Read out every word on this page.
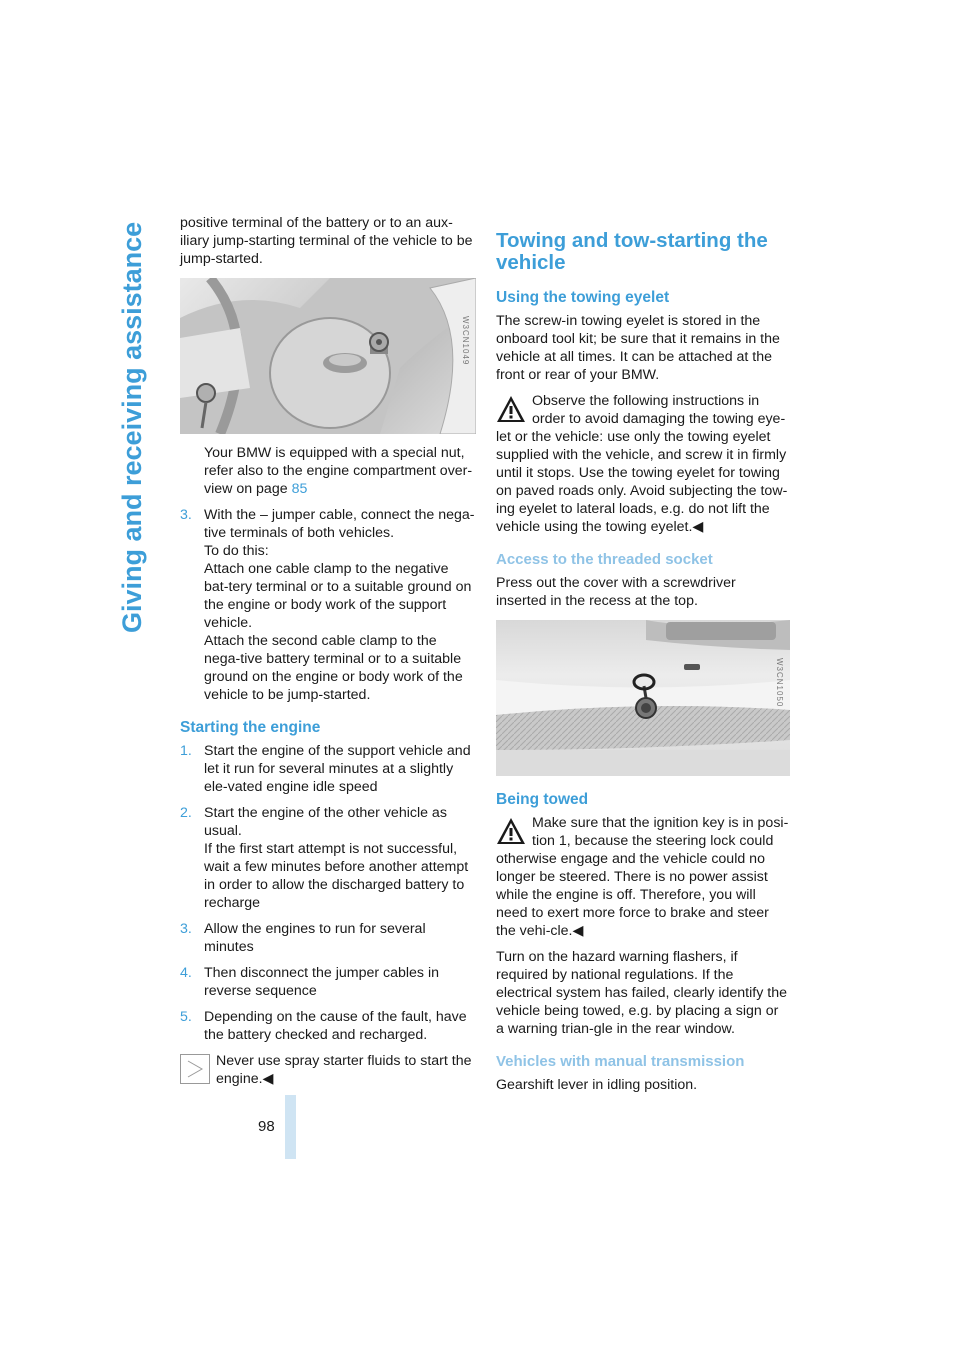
Giving and receiving assistance
98

positive terminal of the battery or to an aux-iliary jump-starting terminal of the vehicle to be jump-started.

W3CN1049

Your BMW is equipped with a special nut, refer also to the engine compartment over-view on page 85

3. With the – jumper cable, connect the nega-tive terminals of both vehicles.
To do this:
Attach one cable clamp to the negative bat-tery terminal or to a suitable ground on the engine or body work of the support vehicle.
Attach the second cable clamp to the nega-tive battery terminal or to a suitable ground on the engine or body work of the vehicle to be jump-started.
Starting the engine
1. Start the engine of the support vehicle and let it run for several minutes at a slightly ele-vated engine idle speed
2. Start the engine of the other vehicle as usual.
If the first start attempt is not successful, wait a few minutes before another attempt in order to allow the discharged battery to recharge
3. Allow the engines to run for several minutes
4. Then disconnect the jumper cables in reverse sequence
5. Depending on the cause of the fault, have the battery checked and recharged.
Never use spray starter fluids to start the engine.◀
Towing and tow-starting the vehicle
Using the towing eyelet

The screw-in towing eyelet is stored in the onboard tool kit; be sure that it remains in the vehicle at all times. It can be attached at the front or rear of your BMW.

Observe the following instructions in order to avoid damaging the towing eye-
let or the vehicle: use only the towing eyelet supplied with the vehicle, and screw it in firmly until it stops. Use the towing eyelet for towing on paved roads only. Avoid subjecting the tow-ing eyelet to lateral loads, e.g. do not lift the vehicle using the towing eyelet.◀
Access to the threaded socket

Press out the cover with a screwdriver inserted in the recess at the top.

W3CN1050
Being towed
Make sure that the ignition key is in posi-tion 1, because the steering lock could
otherwise engage and the vehicle could no longer be steered. There is no power assist while the engine is off. Therefore, you will need to exert more force to brake and steer the vehi-cle.◀

Turn on the hazard warning flashers, if required by national regulations. If the electrical system has failed, clearly identify the vehicle being towed, e.g. by placing a sign or a warning trian-gle in the rear window.

Vehicles with manual transmission

Gearshift lever in idling position.
